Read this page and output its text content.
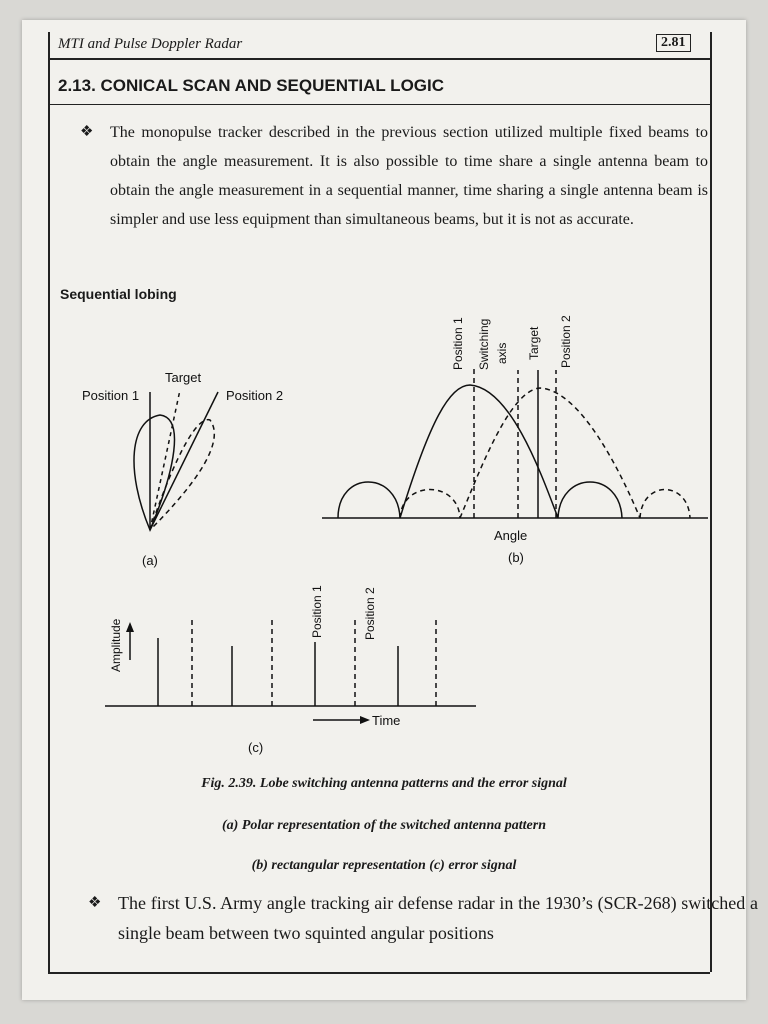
MTI and Pulse Doppler Radar	2.81
2.13. CONICAL SCAN AND SEQUENTIAL LOGIC
❖ The monopulse tracker described in the previous section utilized multiple fixed beams to obtain the angle measurement. It is also possible to time share a single antenna beam to obtain the angle measurement in a sequential manner, time sharing a single antenna beam is simpler and use less equipment than simultaneous beams, but it is not as accurate.
Sequential lobing
Position 1
Target
Position 2
(a)
Position 1 Switching axis Target Position 2
Angle
(b)
Amplitude
Position 1	Position 2
Time
(c)
Fig. 2.39. Lobe switching antenna patterns and the error signal
(a) Polar representation of the switched antenna pattern
(b) rectangular representation (c) error signal
❖ The first U.S. Army angle tracking air defense radar in the 1930’s (SCR-268) switched a single beam between two squinted angular positions
